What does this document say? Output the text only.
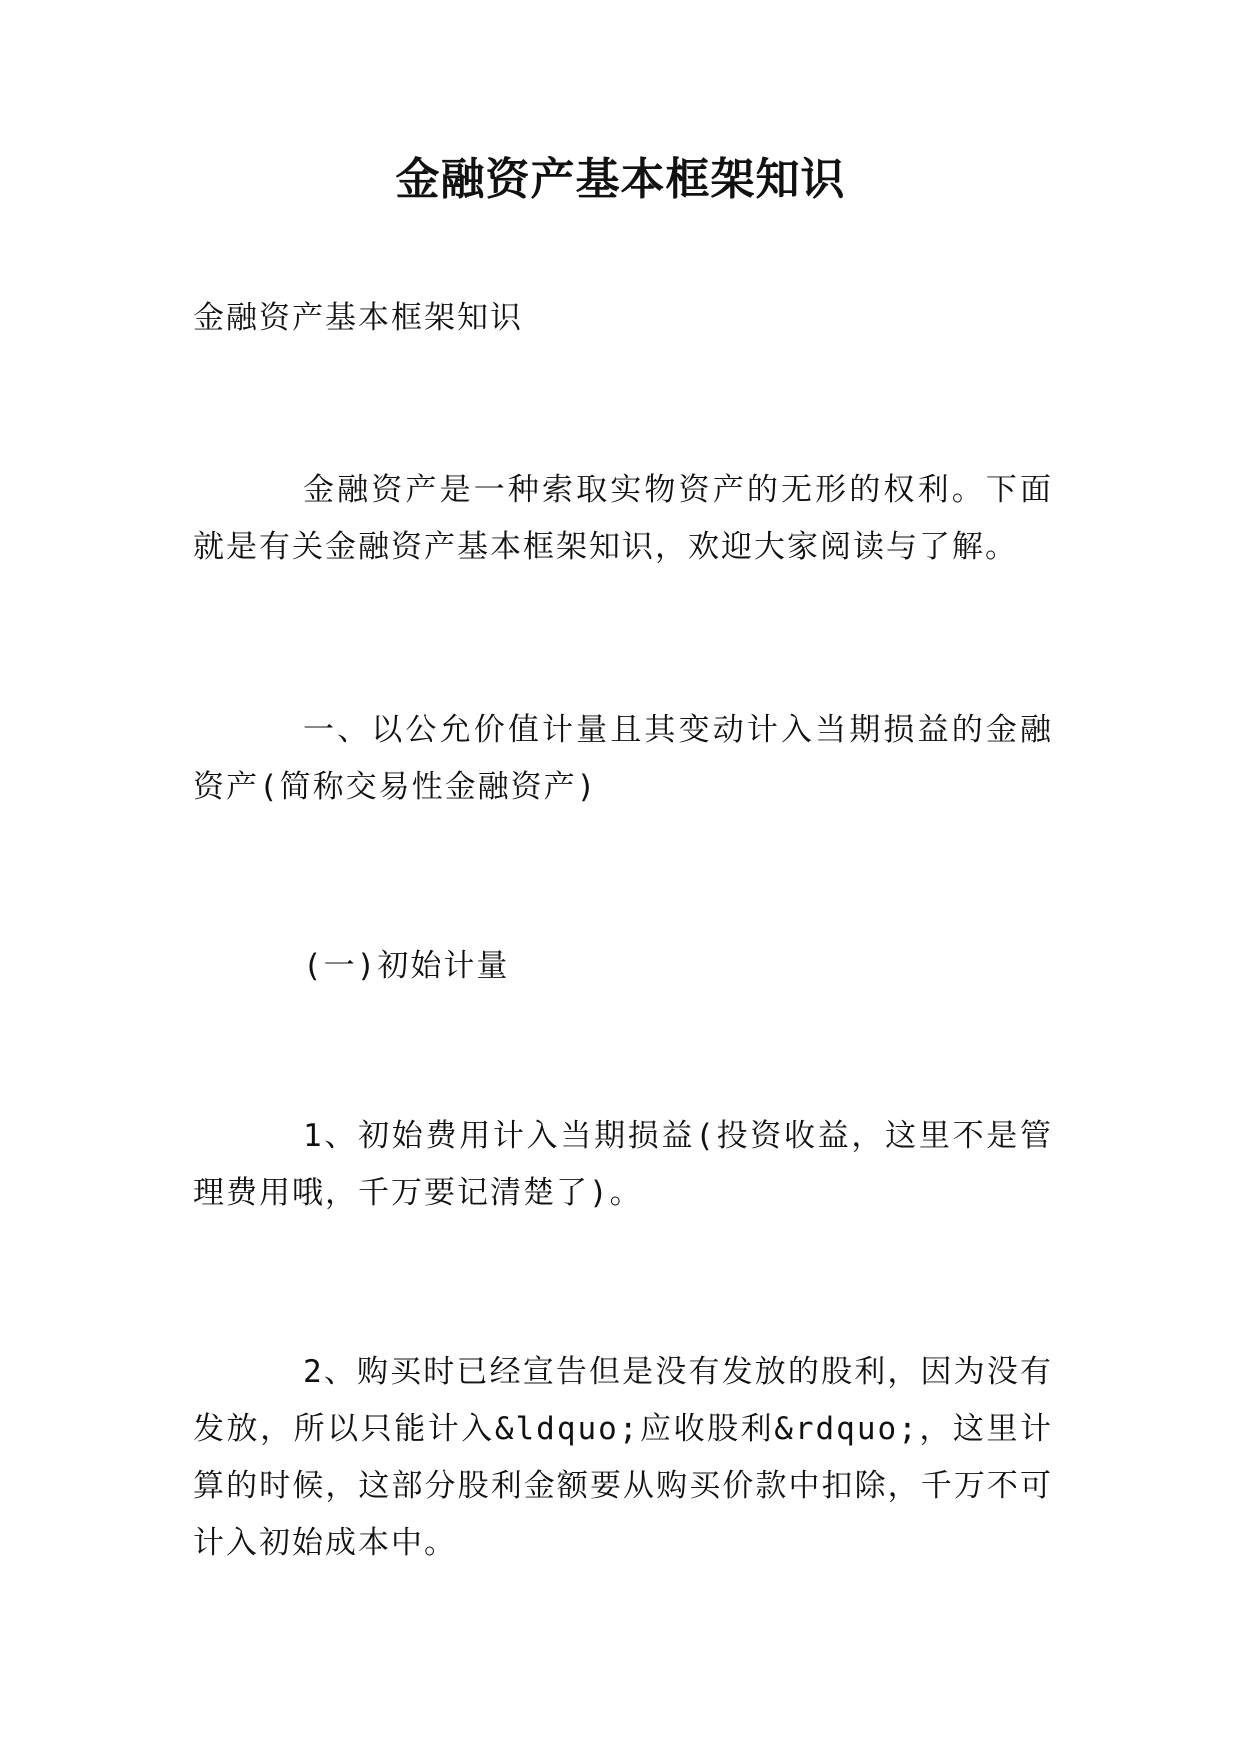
金融资产基本框架知识

金融资产基本框架知识

金融资产是一种索取实物资产的无形的权利。下面就是有关金融资产基本框架知识，欢迎大家阅读与了解。

一、以公允价值计量且其变动计入当期损益的金融资产(简称交易性金融资产)

(一)初始计量

1、初始费用计入当期损益(投资收益，这里不是管理费用哦，千万要记清楚了)。

2、购买时已经宣告但是没有发放的股利，因为没有发放，所以只能计入&ldquo;应收股利&rdquo;，这里计算的时候，这部分股利金额要从购买价款中扣除，千万不可计入初始成本中。
